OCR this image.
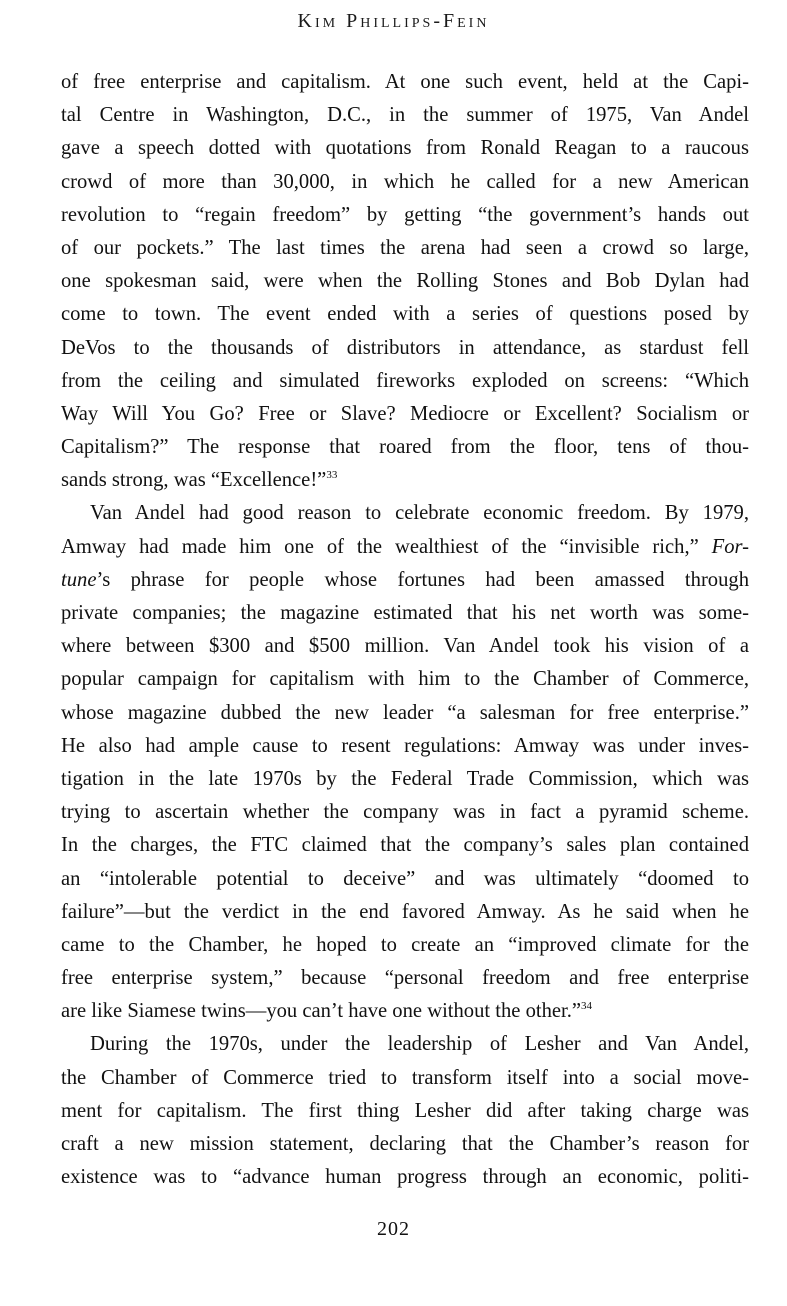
Kim Phillips-Fein
of free enterprise and capitalism. At one such event, held at the Capi-
tal Centre in Washington, D.C., in the summer of 1975, Van Andel
gave a speech dotted with quotations from Ronald Reagan to a raucous
crowd of more than 30,000, in which he called for a new American
revolution to “regain freedom” by getting “the government’s hands out
of our pockets.” The last times the arena had seen a crowd so large,
one spokesman said, were when the Rolling Stones and Bob Dylan had
come to town. The event ended with a series of questions posed by
DeVos to the thousands of distributors in attendance, as stardust fell
from the ceiling and simulated fireworks exploded on screens: “Which
Way Will You Go? Free or Slave? Mediocre or Excellent? Socialism or
Capitalism?” The response that roared from the floor, tens of thou-
sands strong, was “Excellence!”$^{33}$
Van Andel had good reason to celebrate economic freedom. By 1979,
Amway had made him one of the wealthiest of the “invisible rich,” For-
tune’s phrase for people whose fortunes had been amassed through
private companies; the magazine estimated that his net worth was some-
where between $300 and $500 million. Van Andel took his vision of a
popular campaign for capitalism with him to the Chamber of Commerce,
whose magazine dubbed the new leader “a salesman for free enterprise.”
He also had ample cause to resent regulations: Amway was under inves-
tigation in the late 1970s by the Federal Trade Commission, which was
trying to ascertain whether the company was in fact a pyramid scheme.
In the charges, the FTC claimed that the company’s sales plan contained
an “intolerable potential to deceive” and was ultimately “doomed to
failure”—but the verdict in the end favored Amway. As he said when he
came to the Chamber, he hoped to create an “improved climate for the
free enterprise system,” because “personal freedom and free enterprise
are like Siamese twins—you can’t have one without the other.”$^{34}$
During the 1970s, under the leadership of Lesher and Van Andel,
the Chamber of Commerce tried to transform itself into a social move-
ment for capitalism. The first thing Lesher did after taking charge was
craft a new mission statement, declaring that the Chamber’s reason for
existence was to “advance human progress through an economic, politi-
202
